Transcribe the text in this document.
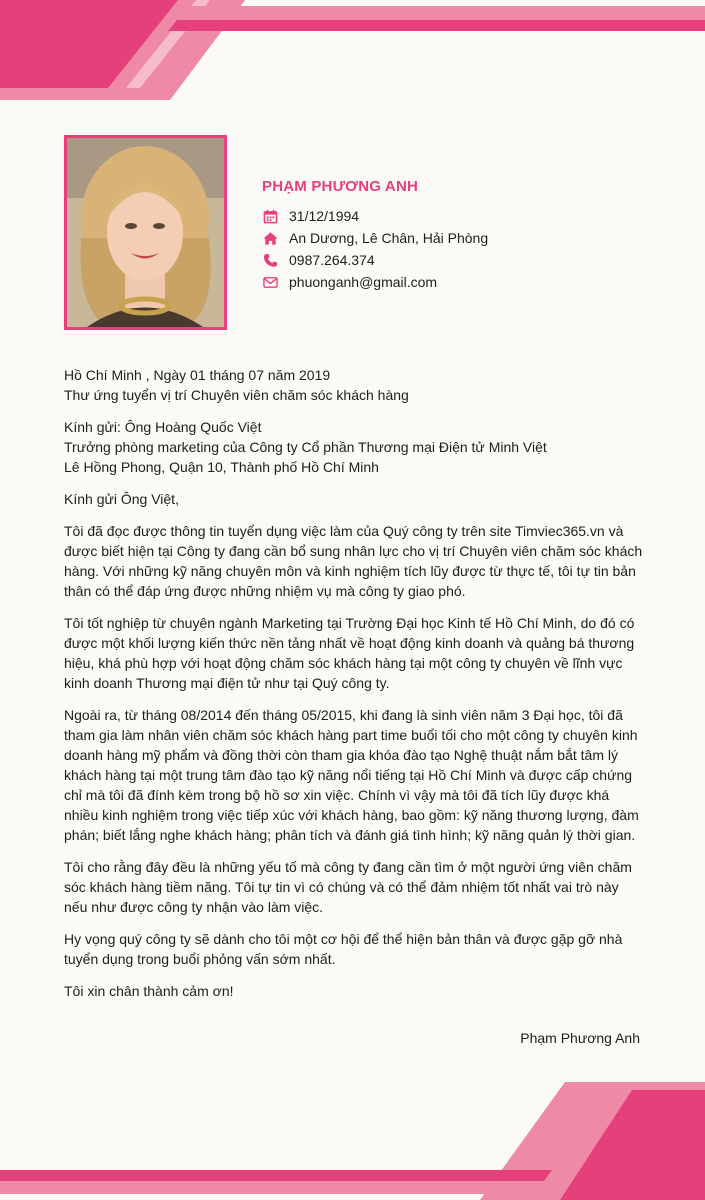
PHẠM PHƯƠNG ANH
31/12/1994
An Dương, Lê Chân, Hải Phòng
0987.264.374
phuonganh@gmail.com
Hồ Chí Minh , Ngày 01 tháng 07 năm 2019
Thư ứng tuyển vị trí Chuyên viên chăm sóc khách hàng
Kính gửi: Ông Hoàng Quốc Việt
Trưởng phòng marketing của Công ty Cổ phần Thương mại Điện tử Minh Việt
Lê Hồng Phong, Quận 10, Thành phố Hồ Chí Minh

Kính gửi Ông Việt,

Tôi đã đọc được thông tin tuyển dụng việc làm của Quý công ty trên site Timviec365.vn và được biết hiện tại Công ty đang cần bổ sung nhân lực cho vị trí Chuyên viên chăm sóc khách hàng. Với những kỹ năng chuyên môn và kinh nghiệm tích lũy được từ thực tế, tôi tự tin bản thân có thể đáp ứng được những nhiệm vụ mà công ty giao phó.

Tôi tốt nghiệp từ chuyên ngành Marketing tại Trường Đại học Kinh tế Hồ Chí Minh, do đó có được một khối lượng kiến thức nền tảng nhất về hoạt động kinh doanh và quảng bá thương hiệu, khá phù hợp với hoạt động chăm sóc khách hàng tại một công ty chuyên về lĩnh vực kinh doanh Thương mại điện tử như tại Quý công ty.

Ngoài ra, từ tháng 08/2014 đến tháng 05/2015, khi đang là sinh viên năm 3 Đại học, tôi đã tham gia làm nhân viên chăm sóc khách hàng part time buổi tối cho một công ty chuyên kinh doanh hàng mỹ phẩm và đồng thời còn tham gia khóa đào tạo Nghệ thuật nắm bắt tâm lý khách hàng tại một trung tâm đào tạo kỹ năng nổi tiếng tại Hồ Chí Minh và được cấp chứng chỉ mà tôi đã đính kèm trong bộ hồ sơ xin việc. Chính vì vậy mà tôi đã tích lũy được khá nhiều kinh nghiệm trong việc tiếp xúc với khách hàng, bao gồm: kỹ năng thương lượng, đàm phán; biết lắng nghe khách hàng; phân tích và đánh giá tình hình; kỹ năng quản lý thời gian.

Tôi cho rằng đây đều là những yếu tố mà công ty đang cần tìm ở một người ứng viên chăm sóc khách hàng tiềm năng. Tôi tự tin vì có chúng và có thể đảm nhiệm tốt nhất vai trò này nếu như được công ty nhận vào làm việc.

Hy vọng quý công ty sẽ dành cho tôi một cơ hội để thể hiện bản thân và được gặp gỡ nhà tuyển dụng trong buổi phỏng vấn sớm nhất.

Tôi xin chân thành cảm ơn!

Phạm Phương Anh
